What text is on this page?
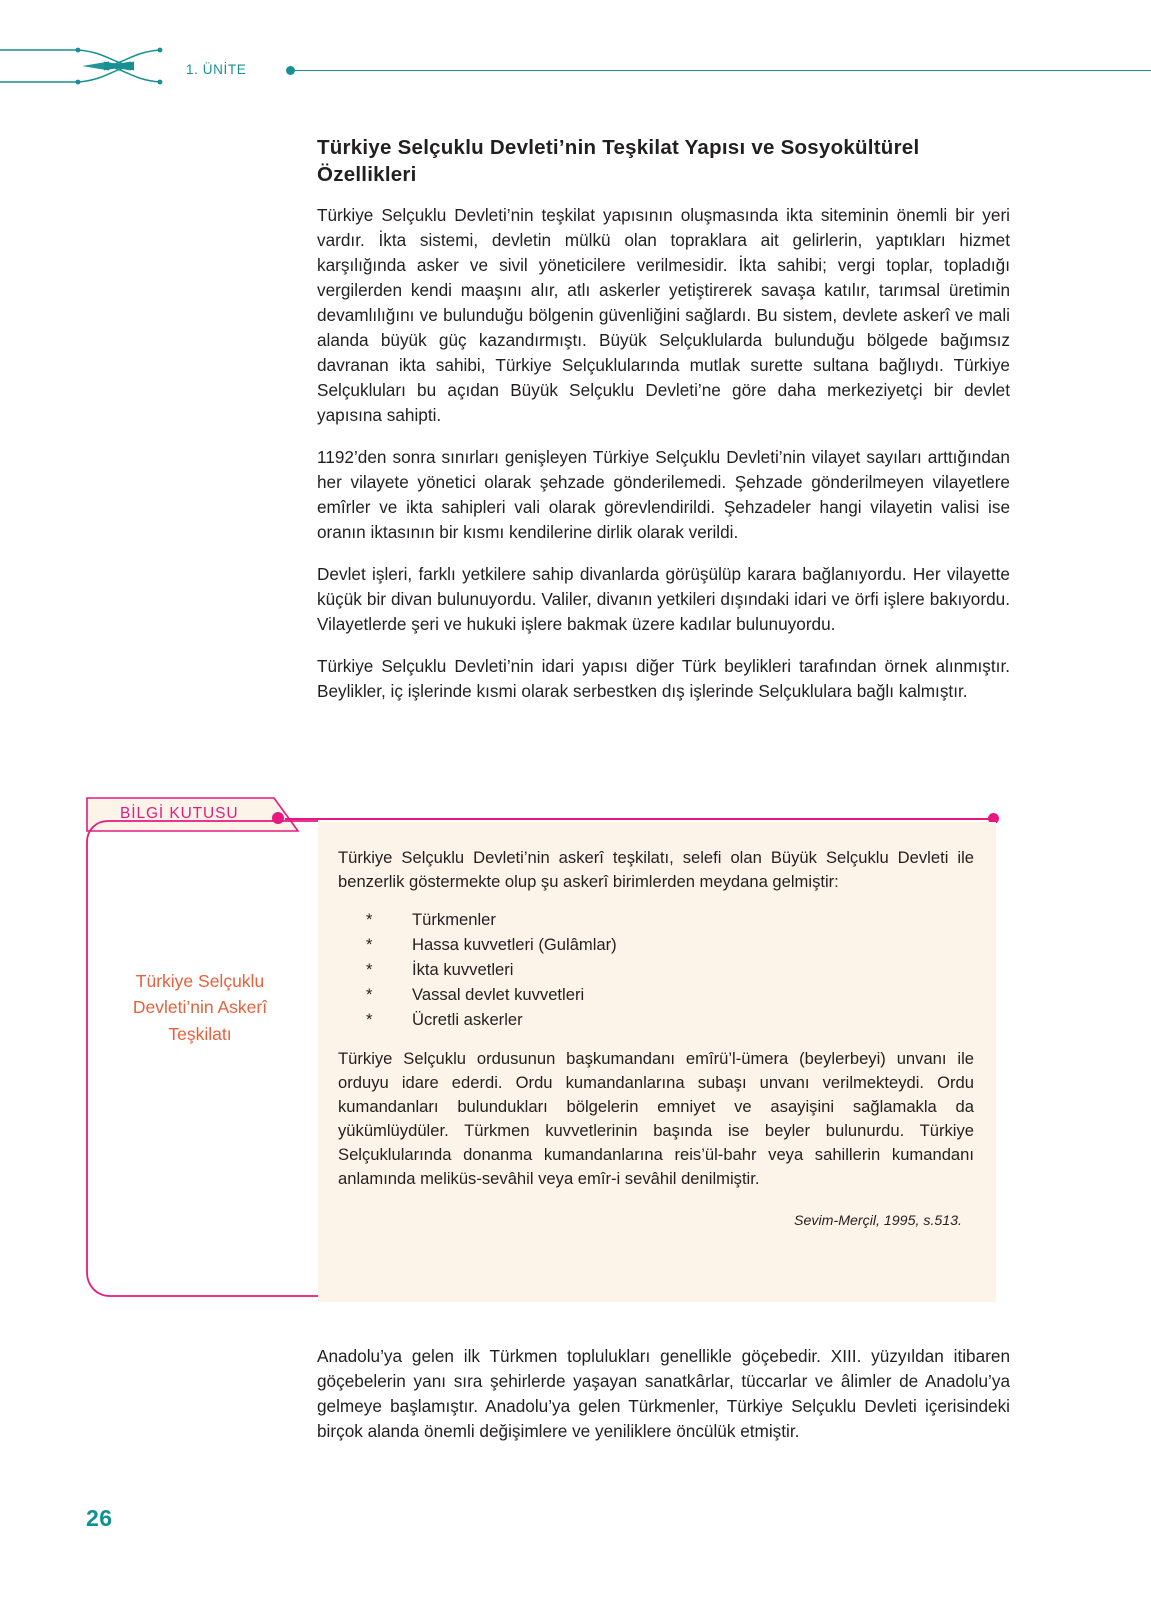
1. ÜNİTE
Türkiye Selçuklu Devleti’nin Teşkilat Yapısı ve Sosyokültürel Özellikleri

Türkiye Selçuklu Devleti’nin teşkilat yapısının oluşmasında ikta siteminin önemli bir yeri vardır. İkta sistemi, devletin mülkü olan topraklara ait gelirlerin, yaptıkları hizmet karşılığında asker ve sivil yöneticilere verilmesidir. İkta sahibi; vergi toplar, topladığı vergilerden kendi maaşını alır, atlı askerler yetiştirerek savaşa katılır, tarımsal üretimin devamlılığını ve bulunduğu bölgenin güvenliğini sağlardı. Bu sistem, devlete askerî ve mali alanda büyük güç kazandırmıştı. Büyük Selçuklularda bulunduğu bölgede bağımsız davranan ikta sahibi, Türkiye Selçuklularında mutlak surette sultana bağlıydı. Türkiye Selçukluları bu açıdan Büyük Selçuklu Devleti’ne göre daha merkeziyetçi bir devlet yapısına sahipti.

1192’den sonra sınırları genişleyen Türkiye Selçuklu Devleti’nin vilayet sayıları arttığından her vilayete yönetici olarak şehzade gönderilemedi. Şehzade gönderilmeyen vilayetlere emîrler ve ikta sahipleri vali olarak görevlendirildi. Şehzadeler hangi vilayetin valisi ise oranın iktasının bir kısmı kendilerine dirlik olarak verildi.

Devlet işleri, farklı yetkilere sahip divanlarda görüşülüp karara bağlanıyordu. Her vilayette küçük bir divan bulunuyordu. Valiler, divanın yetkileri dışındaki idari ve örfi işlere bakıyordu. Vilayetlerde şeri ve hukuki işlere bakmak üzere kadılar bulunuyordu.

Türkiye Selçuklu Devleti’nin idari yapısı diğer Türk beylikleri tarafından örnek alınmıştır. Beylikler, iç işlerinde kısmi olarak serbestken dış işlerinde Selçuklulara bağlı kalmıştır.

BİLGİ KUTUSU

Türkiye Selçuklu Devleti’nin askerî teşkilatı, selefi olan Büyük Selçuklu Devleti ile benzerlik göstermekte olup şu askerî birimlerden meydana gelmiştir:

*	Türkmenler
*	Hassa kuvvetleri (Gulâmlar)
*	İkta kuvvetleri
*	Vassal devlet kuvvetleri
*	Ücretli askerler

Türkiye Selçuklu ordusunun başkumandanı emîrü’l-ümera (beylerbeyi) unvanı ile orduyu idare ederdi. Ordu kumandanlarına subaşı unvanı verilmekteydi. Ordu kumandanları bulundukları bölgelerin emniyet ve asayişini sağlamakla da yükümlüydüler. Türkmen kuvvetlerinin başında ise beyler bulunurdu. Türkiye Selçuklularında donanma kumandanlarına reis’ül-bahr veya sahillerin kumandanı anlamında meliküs-sevâhil veya emîr-i sevâhil denilmiştir.

Sevim-Merçil, 1995, s.513.
Türkiye Selçuklu Devleti’nin Askerî Teşkilatı

Anadolu’ya gelen ilk Türkmen toplulukları genellikle göçebedir. XIII. yüzyıldan itibaren göçebelerin yanı sıra şehirlerde yaşayan sanatkârlar, tüccarlar ve âlimler de Anadolu’ya gelmeye başlamıştır. Anadolu’ya gelen Türkmenler, Türkiye Selçuklu Devleti içerisindeki birçok alanda önemli değişimlere ve yeniliklere öncülük etmiştir.

26
